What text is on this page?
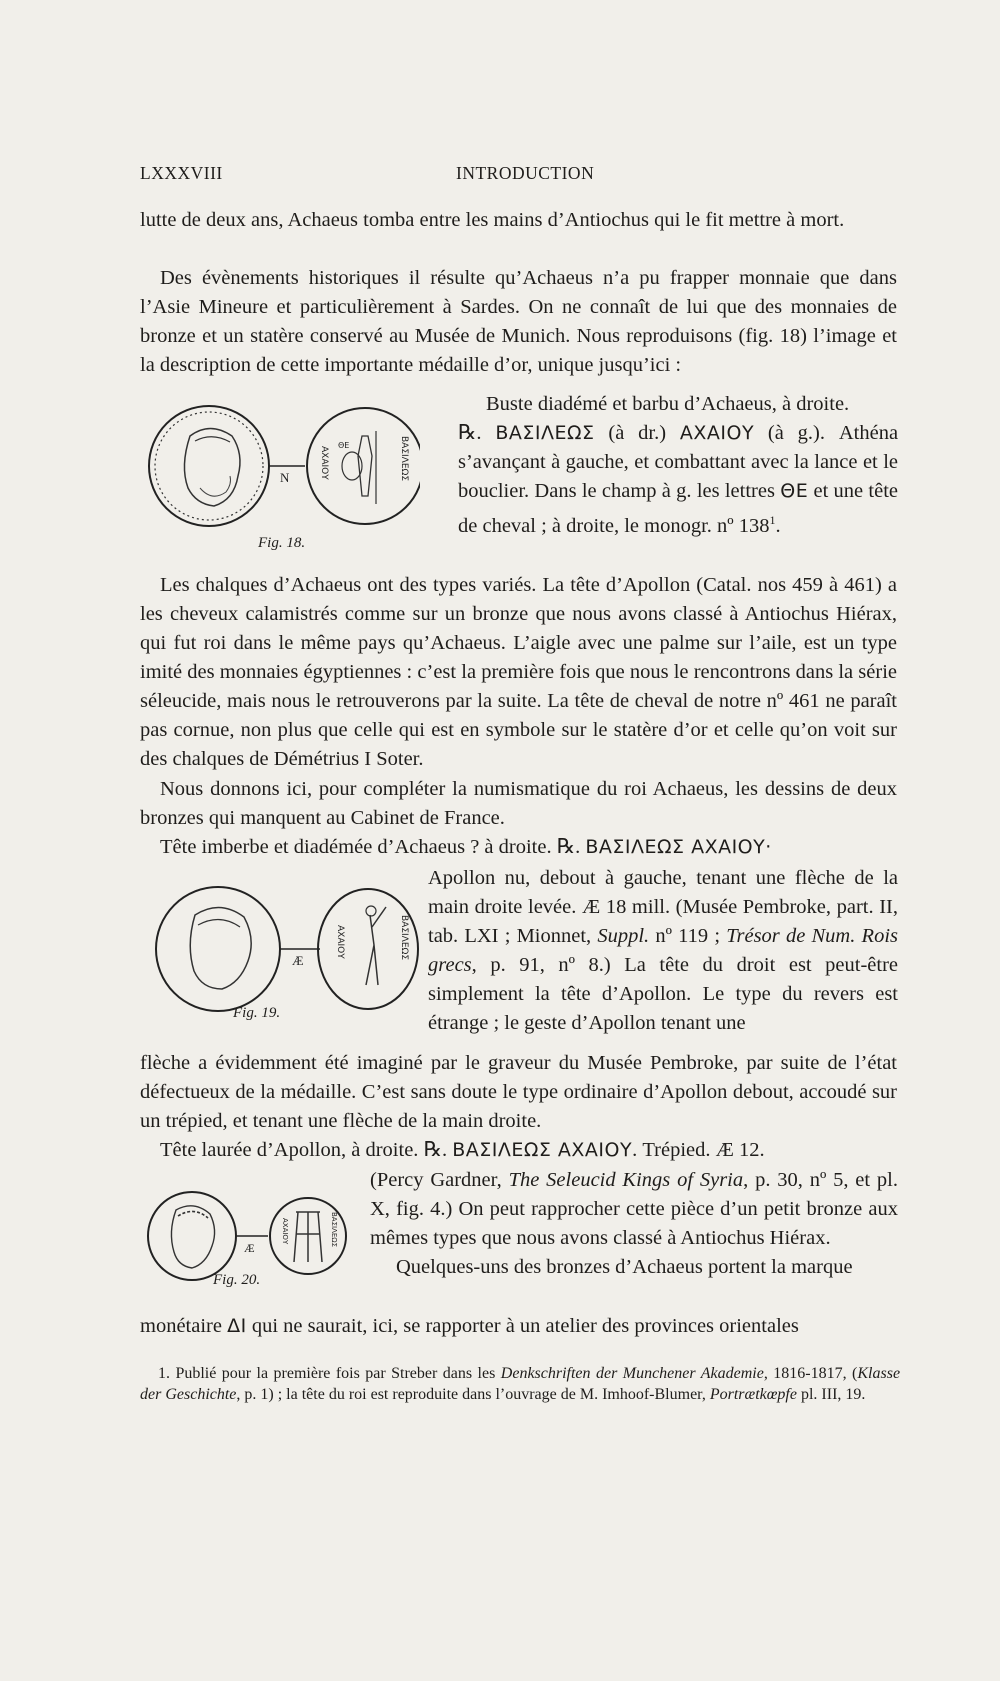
LXXXVIII	INTRODUCTION

lutte de deux ans, Achaeus tomba entre les mains d’Antiochus qui le fit mettre à mort.

Des évènements historiques il résulte qu’Achaeus n’a pu frapper monnaie que dans l’Asie Mineure et particulièrement à Sardes. On ne connaît de lui que des monnaies de bronze et un statère conservé au Musée de Munich. Nous reproduisons (fig. 18) l’image et la description de cette importante médaille d’or, unique jusqu’ici :

N
ΘΕ
ΑΧΑΙΟΥ	ΒΑΣΙΛΕΩΣ
Fig. 18.
Buste diadémé et barbu d’Achaeus, à droite.
℞. ΒΑΣΙΛΕΩΣ (à dr.) ΑΧΑΙΟΥ (à g.). Athéna s’avançant à gauche, et combattant avec la lance et le bouclier. Dans le champ à g. les lettres ΘΕ et une tête de cheval ; à droite, le monogr. nº $138^1$.

Les chalques d’Achaeus ont des types variés. La tête d’Apollon (Catal. nos 459 à 461) a les cheveux calamistrés comme sur un bronze que nous avons classé à Antiochus Hiérax, qui fut roi dans le même pays qu’Achaeus. L’aigle avec une palme sur l’aile, est un type imité des monnaies égyptiennes : c’est la première fois que nous le rencontrons dans la série séleucide, mais nous le retrouverons par la suite. La tête de cheval de notre nº 461 ne paraît pas cornue, non plus que celle qui est en symbole sur le statère d’or et celle qu’on voit sur des chalques de Démétrius I Soter.

Nous donnons ici, pour compléter la numismatique du roi Achaeus, les dessins de deux bronzes qui manquent au Cabinet de France.

Tête imberbe et diadémée d’Achaeus ? à droite. ℞. ΒΑΣΙΛΕΩΣ ΑΧΑΙΟΥ·

Æ
ΑΧΑΙΟΥ	ΒΑΣΙΛΕΩΣ
Fig. 19.
Apollon nu, debout à gauche, tenant une flèche de la main droite levée. Æ 18 mill. (Musée Pembroke, part. II, tab. LXI ; Mionnet, Suppl. nº 119 ; Trésor de Num. Rois grecs, p. 91, nº 8.) La tête du droit est peut-être simplement la tête d’Apollon. Le type du revers est étrange ; le geste d’Apollon tenant une

flèche a évidemment été imaginé par le graveur du Musée Pembroke, par suite de l’état défectueux de la médaille. C’est sans doute le type ordinaire d’Apollon debout, accoudé sur un trépied, et tenant une flèche de la main droite.

Tête laurée d’Apollon, à droite. ℞. ΒΑΣΙΛΕΩΣ ΑΧΑΙΟΥ. Trépied. Æ 12.

Æ
ΑΧΑΙΟΥ	ΒΑΣΙΛΕΩΣ
Fig. 20.
(Percy Gardner, The Seleucid Kings of Syria, p. 30, nº 5, et pl. X, fig. 4.) On peut rapprocher cette pièce d’un petit bronze aux mêmes types que nous avons classé à Antiochus Hiérax.
Quelques-uns des bronzes d’Achaeus portent la marque

monétaire ΔΙ qui ne saurait, ici, se rapporter à un atelier des provinces orientales

1. Publié pour la première fois par Streber dans les Denkschriften der Munchener Akademie, 1816-1817, (Klasse der Geschichte, p. 1) ; la tête du roi est reproduite dans l’ouvrage de M. Imhoof-Blumer, Portrætkœpfe pl. III, 19.
